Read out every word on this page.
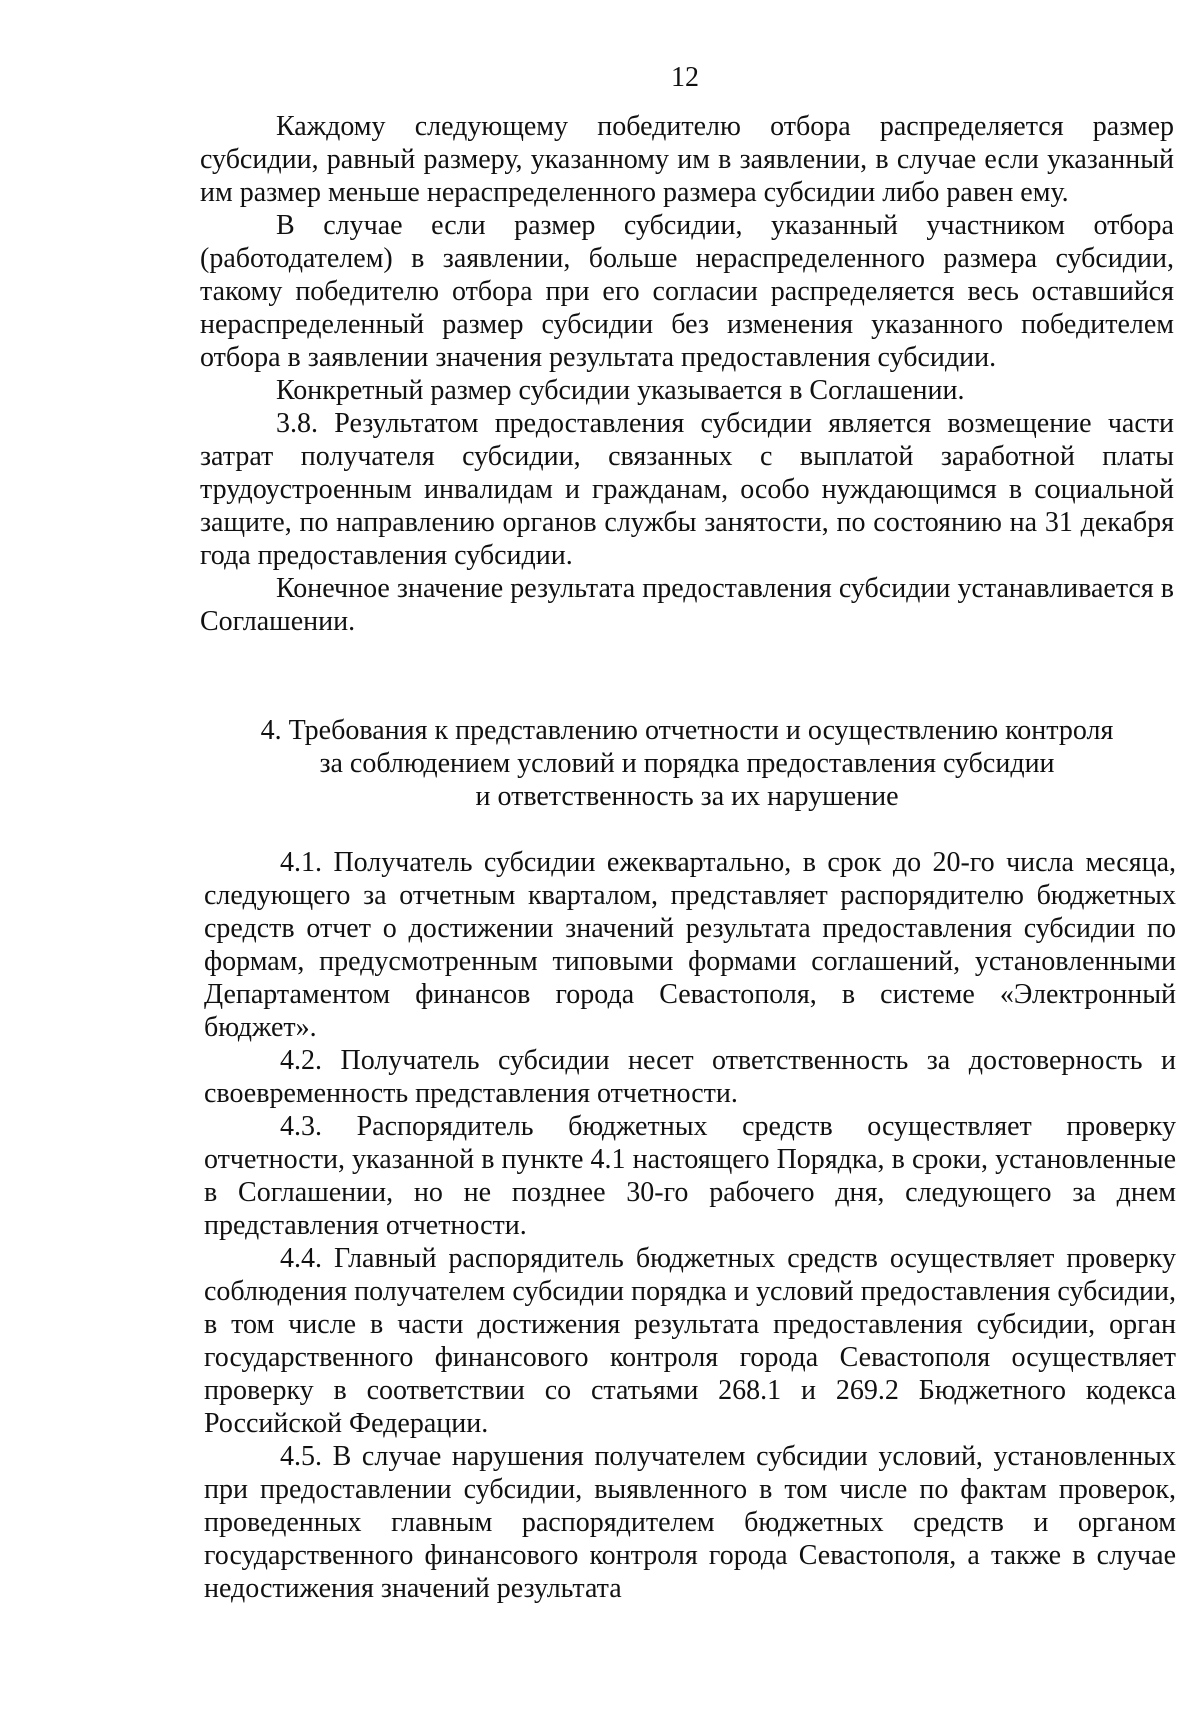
12

Каждому следующему победителю отбора распределяется размер субсидии, равный размеру, указанному им в заявлении, в случае если указанный им размер меньше нераспределенного размера субсидии либо равен ему.

В случае если размер субсидии, указанный участником отбора (работодателем) в заявлении, больше нераспределенного размера субсидии, такому победителю отбора при его согласии распределяется весь оставшийся нераспределенный размер субсидии без изменения указанного победителем отбора в заявлении значения результата предоставления субсидии.

Конкретный размер субсидии указывается в Соглашении.

3.8. Результатом предоставления субсидии является возмещение части затрат получателя субсидии, связанных с выплатой заработной платы трудоустроенным инвалидам и гражданам, особо нуждающимся в социальной защите, по направлению органов службы занятости, по состоянию на 31 декабря года предоставления субсидии.

Конечное значение результата предоставления субсидии устанавливается в Соглашении.

4. Требования к представлению отчетности и осуществлению контроля
за соблюдением условий и порядка предоставления субсидии
и ответственность за их нарушение

4.1. Получатель субсидии ежеквартально, в срок до 20-го числа месяца, следующего за отчетным кварталом, представляет распорядителю бюджетных средств отчет о достижении значений результата предоставления субсидии по формам, предусмотренным типовыми формами соглашений, установленными Департаментом финансов города Севастополя, в системе «Электронный бюджет».

4.2. Получатель субсидии несет ответственность за достоверность и своевременность представления отчетности.

4.3. Распорядитель бюджетных средств осуществляет проверку отчетности, указанной в пункте 4.1 настоящего Порядка, в сроки, установленные в Соглашении, но не позднее 30-го рабочего дня, следующего за днем представления отчетности.

4.4. Главный распорядитель бюджетных средств осуществляет проверку соблюдения получателем субсидии порядка и условий предоставления субсидии, в том числе в части достижения результата предоставления субсидии, орган государственного финансового контроля города Севастополя осуществляет проверку в соответствии со статьями 268.1 и 269.2 Бюджетного кодекса Российской Федерации.

4.5. В случае нарушения получателем субсидии условий, установленных при предоставлении субсидии, выявленного в том числе по фактам проверок, проведенных главным распорядителем бюджетных средств и органом государственного финансового контроля города Севастополя, а также в случае недостижения значений результата
